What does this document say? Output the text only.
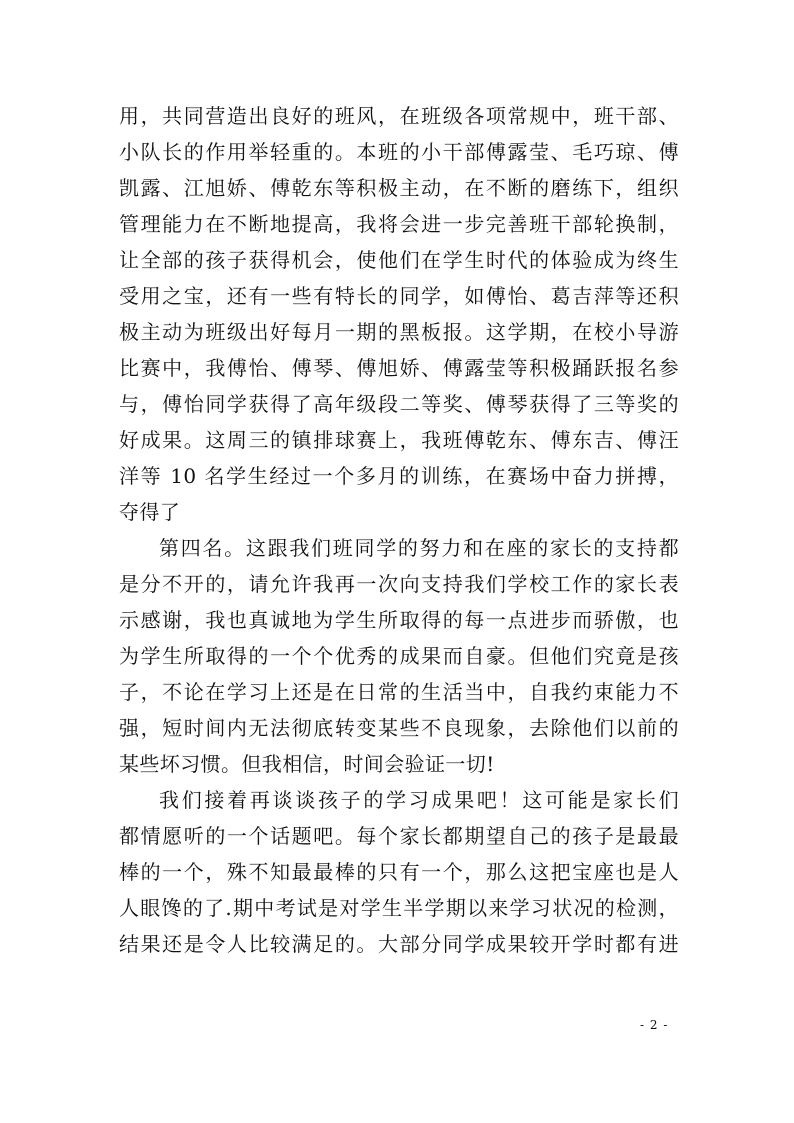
用，共同营造出良好的班风，在班级各项常规中，班干部、
小队长的作用举轻重的。本班的小干部傅露莹、毛巧琼、傅
凯露、江旭娇、傅乾东等积极主动，在不断的磨练下，组织
管理能力在不断地提高，我将会进一步完善班干部轮换制，
让全部的孩子获得机会，使他们在学生时代的体验成为终生
受用之宝，还有一些有特长的同学，如傅怡、葛吉萍等还积
极主动为班级出好每月一期的黑板报。这学期，在校小导游
比赛中，我傅怡、傅琴、傅旭娇、傅露莹等积极踊跃报名参
与，傅怡同学获得了高年级段二等奖、傅琴获得了三等奖的
好成果。这周三的镇排球赛上，我班傅乾东、傅东吉、傅汪
洋等 10 名学生经过一个多月的训练，在赛场中奋力拼搏，
夺得了
第四名。这跟我们班同学的努力和在座的家长的支持都
是分不开的，请允许我再一次向支持我们学校工作的家长表
示感谢，我也真诚地为学生所取得的每一点进步而骄傲，也
为学生所取得的一个个优秀的成果而自豪。但他们究竟是孩
子，不论在学习上还是在日常的生活当中，自我约束能力不
强，短时间内无法彻底转变某些不良现象，去除他们以前的
某些坏习惯。但我相信，时间会验证一切!
我们接着再谈谈孩子的学习成果吧！这可能是家长们
都情愿听的一个话题吧。每个家长都期望自己的孩子是最最
棒的一个，殊不知最最棒的只有一个，那么这把宝座也是人
人眼馋的了.期中考试是对学生半学期以来学习状况的检测，
结果还是令人比较满足的。大部分同学成果较开学时都有进
- 2 -
